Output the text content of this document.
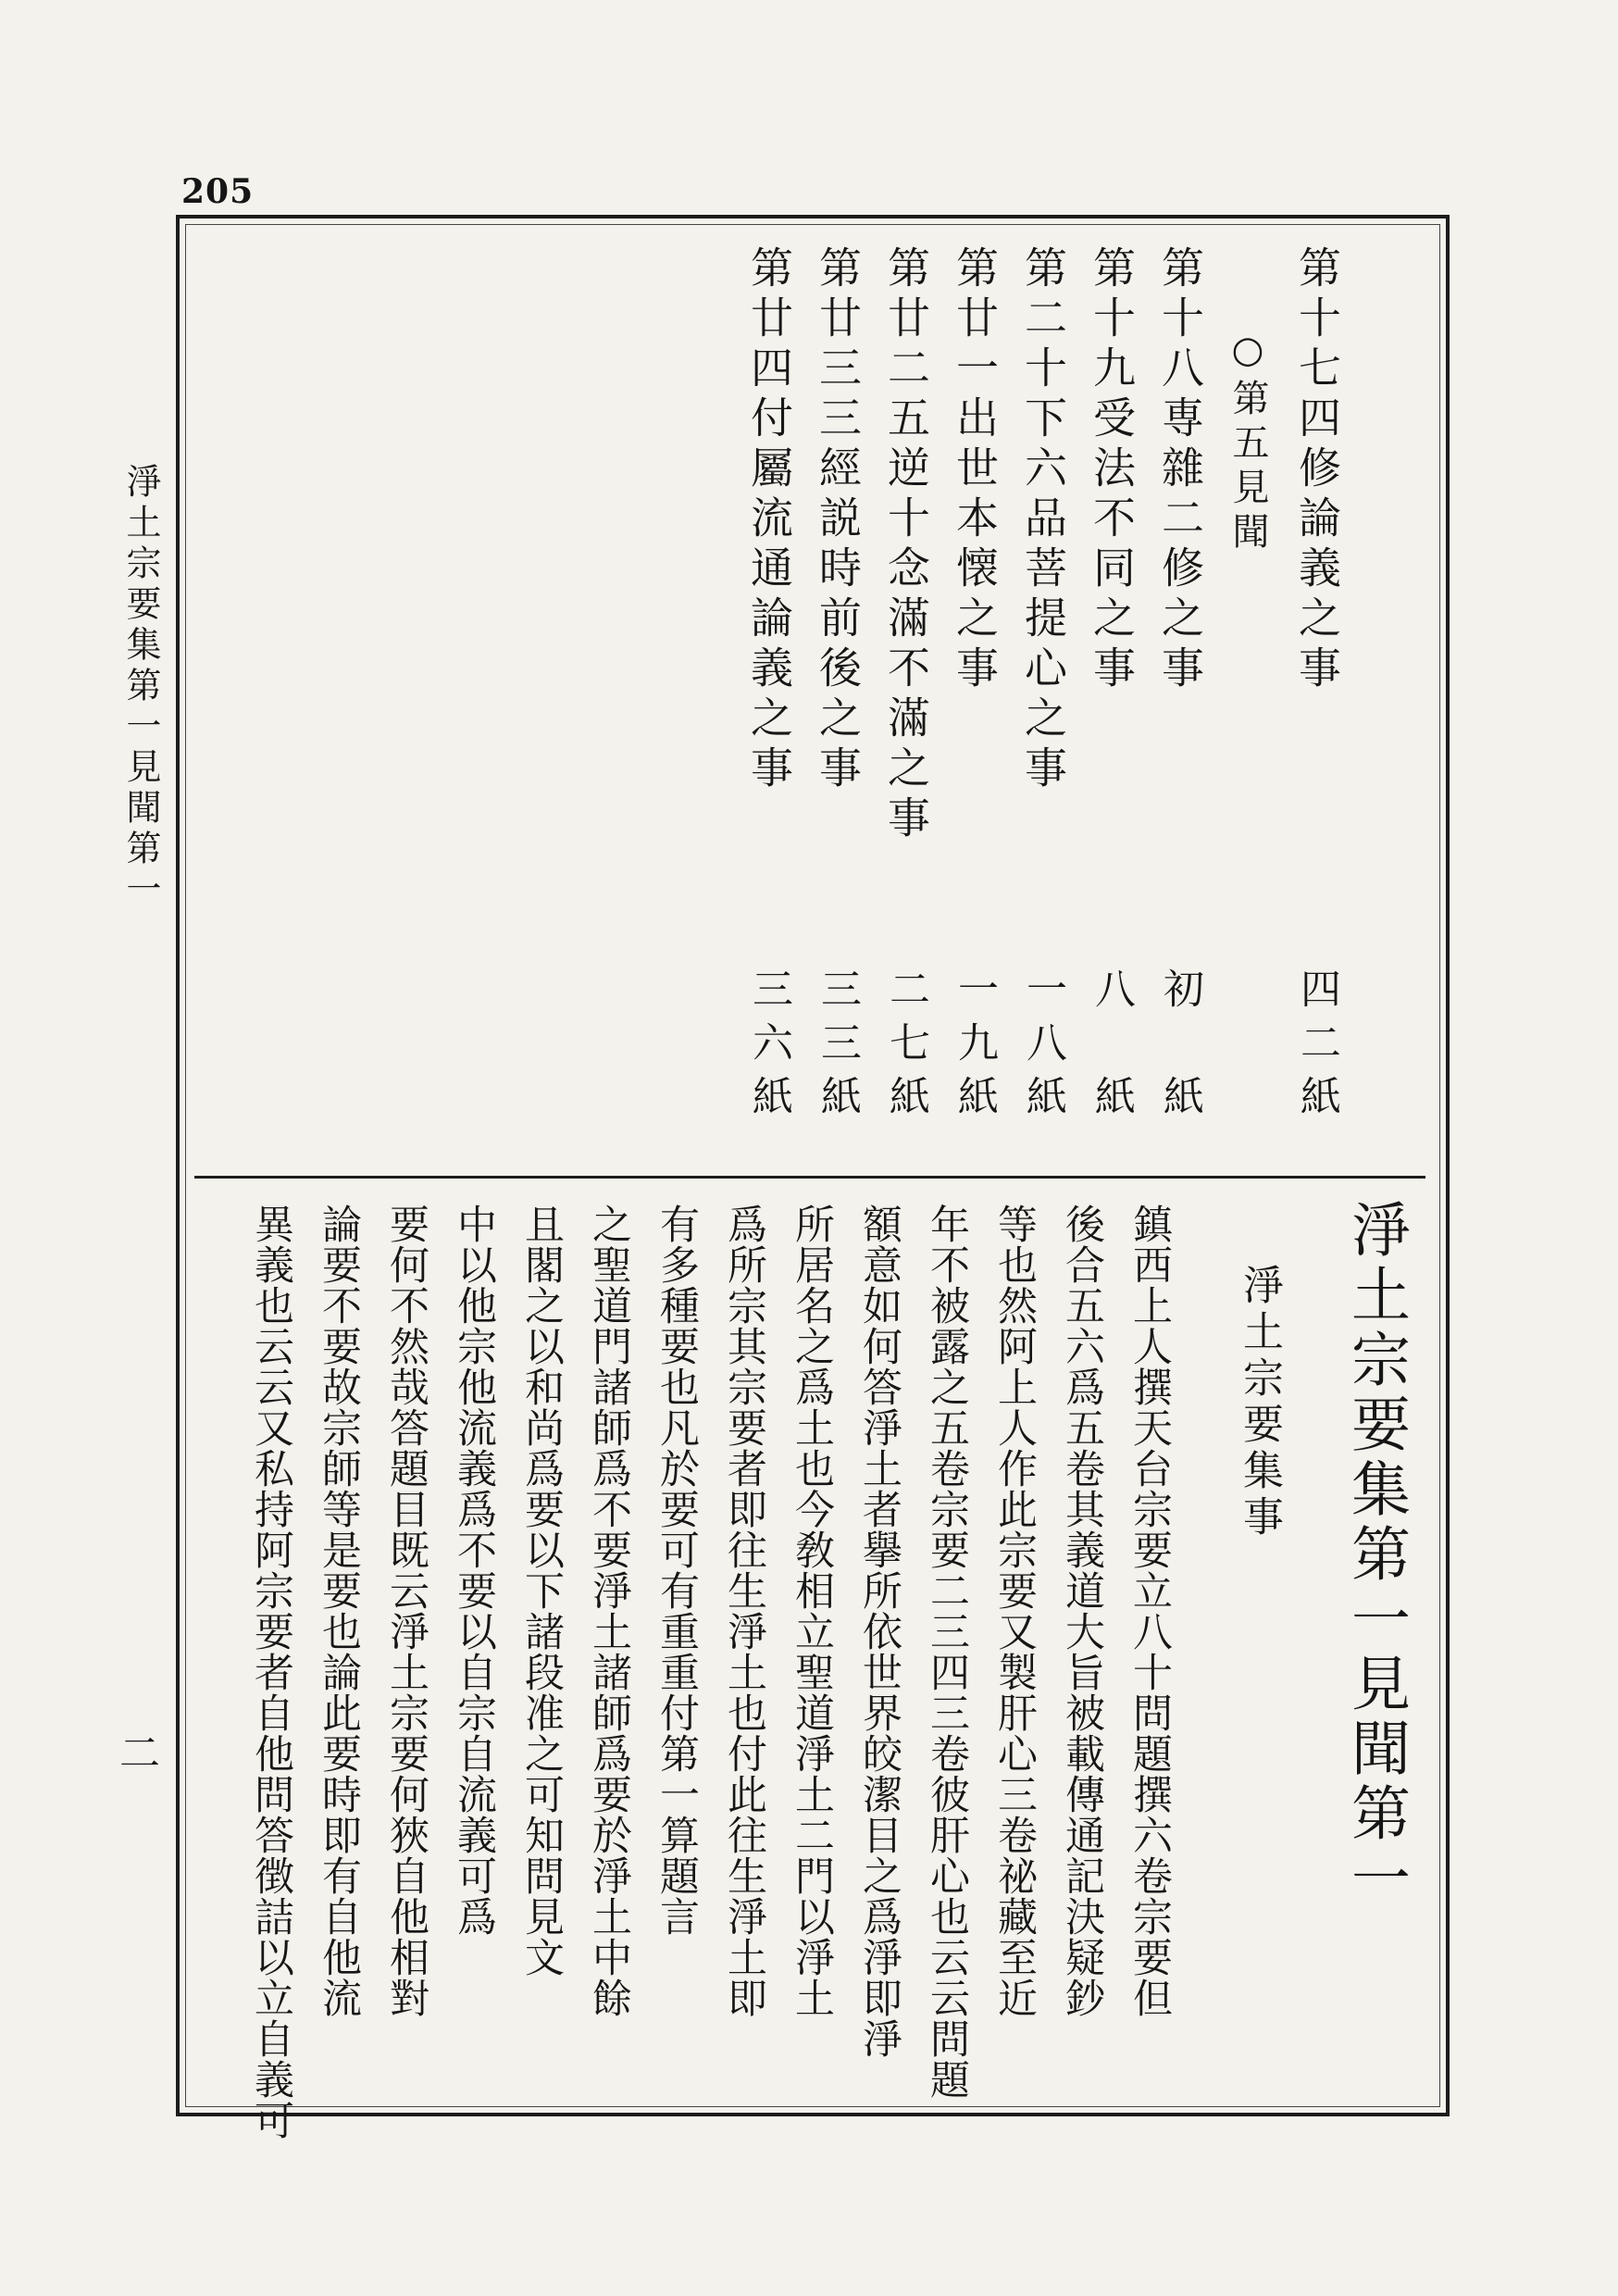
205
淨土宗要集第一見聞第一
二
第十七四修論義之事
四二紙
○第五見聞
第十八専雜二修之事
初　紙
第十九受法不同之事
八　紙
第二十下六品菩提心之事
一八紙
第廿一出世本懐之事
一九紙
第廿二五逆十念滿不滿之事
二七紙
第廿三三經説時前後之事
三三紙
第廿四付屬流通論義之事
三六紙
淨土宗要集第一見聞第一
淨土宗要集事
鎮西上人撰天台宗要立八十問題撰六卷宗要但
後合五六爲五卷其義道大旨被載傳通記決疑鈔
等也然阿上人作此宗要又製肝心三卷祕藏至近
年不被露之五卷宗要二三四三卷彼肝心也云云問題
額意如何答淨土者擧所依世界皎潔目之爲淨即淨
所居名之爲土也今敎相立聖道淨土二門以淨土
爲所宗其宗要者即往生淨土也付此往生淨土即
有多種要也凡於要可有重重付第一算題言
之聖道門諸師爲不要淨土諸師爲要於淨土中餘
且閣之以和尚爲要以下諸段准之可知問見文
中以他宗他流義爲不要以自宗自流義可爲
要何不然哉答題目既云淨土宗要何狹自他相對
論要不要故宗師等是要也論此要時即有自他流
異義也云云又私持阿宗要者自他問答徴詰以立自義可
